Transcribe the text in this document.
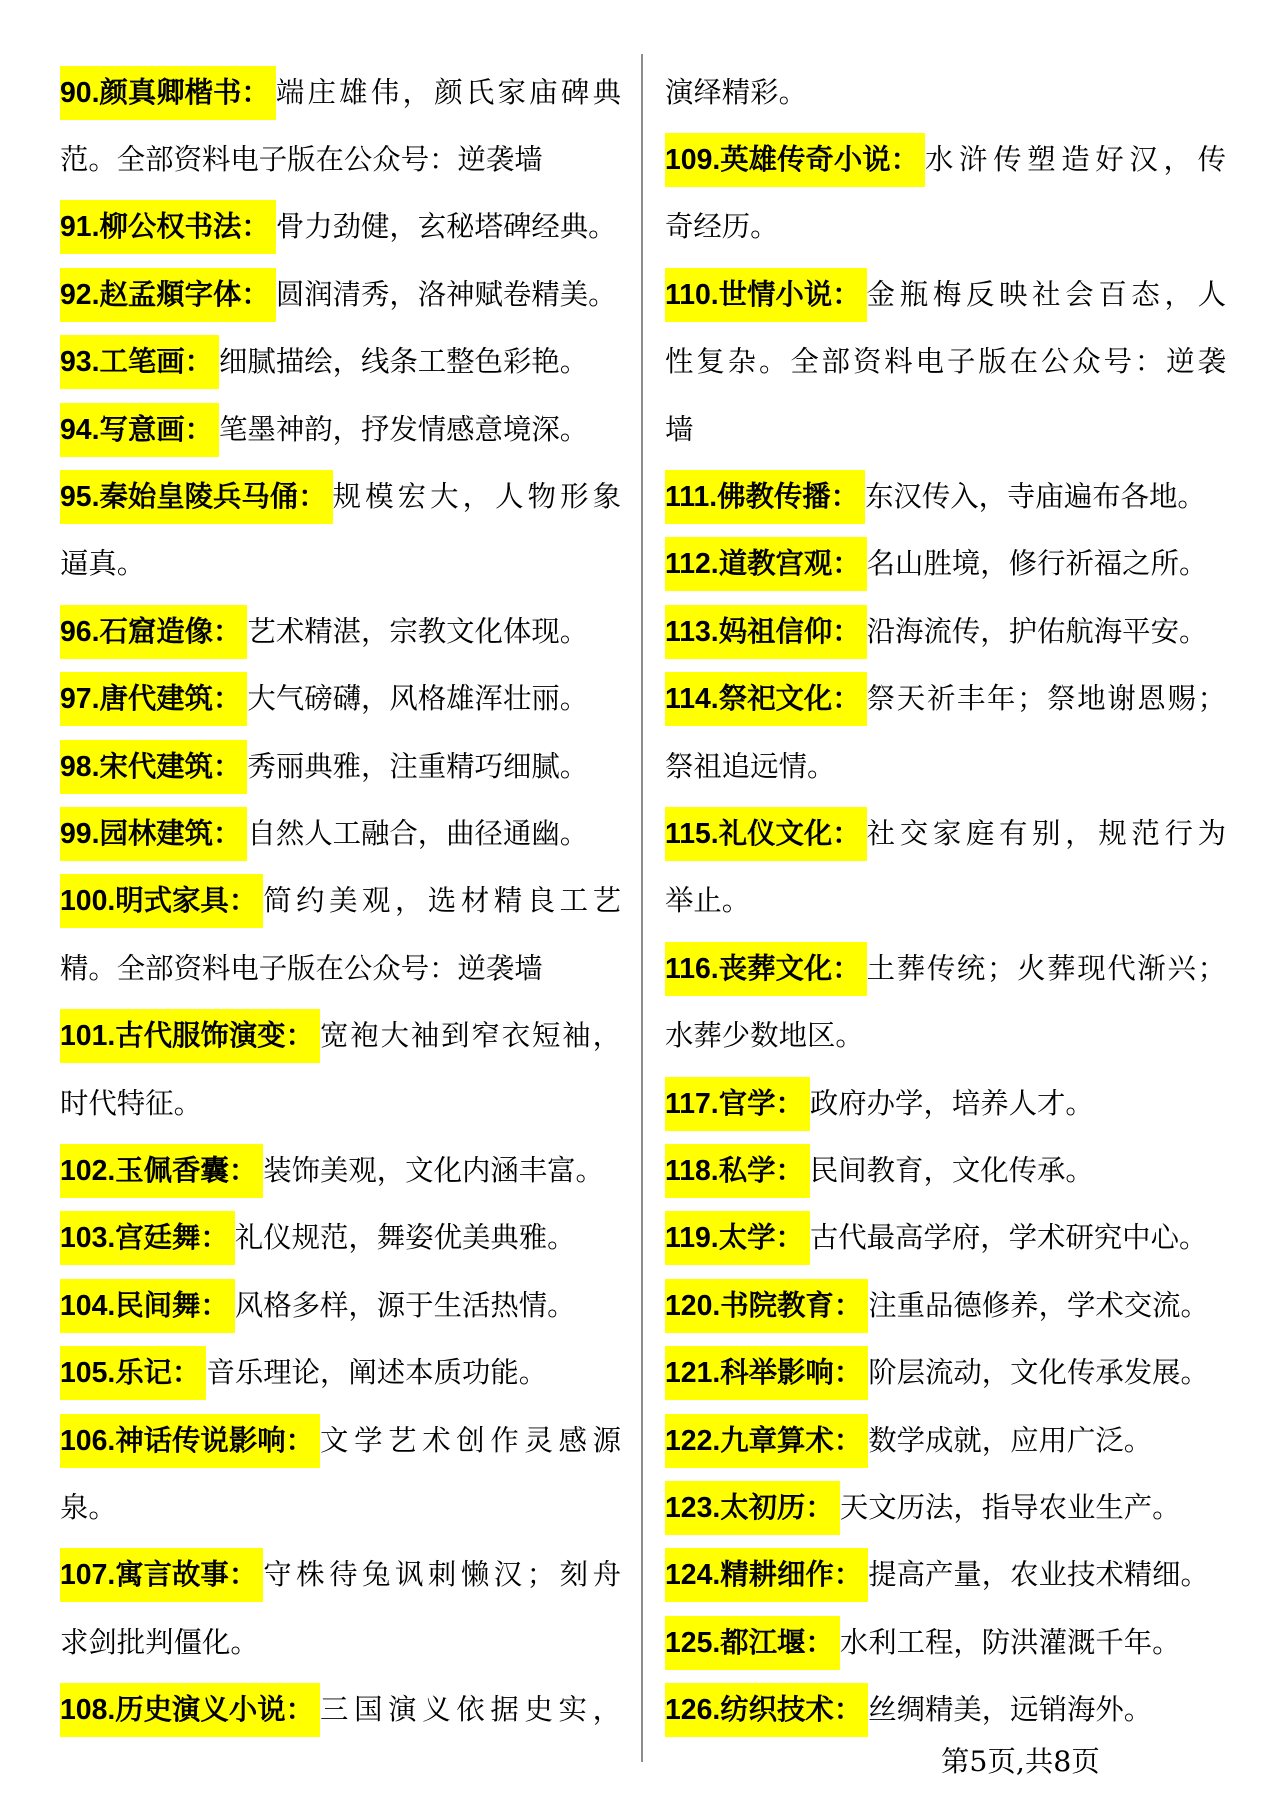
90.颜真卿楷书： 端庄雄伟，颜氏家庙碑典
范。全部资料电子版在公众号：逆袭墙
91.柳公权书法： 骨力劲健，玄秘塔碑经典。
92.赵孟頫字体： 圆润清秀，洛神赋卷精美。
93.工笔画： 细腻描绘，线条工整色彩艳。
94.写意画： 笔墨神韵，抒发情感意境深。
95.秦始皇陵兵马俑： 规模宏大，人物形象
逼真。
96.石窟造像： 艺术精湛，宗教文化体现。
97.唐代建筑： 大气磅礴，风格雄浑壮丽。
98.宋代建筑： 秀丽典雅，注重精巧细腻。
99.园林建筑： 自然人工融合，曲径通幽。
100.明式家具： 简约美观，选材精良工艺
精。全部资料电子版在公众号：逆袭墙
101.古代服饰演变： 宽袍大袖到窄衣短袖，
时代特征。
102.玉佩香囊： 装饰美观，文化内涵丰富。
103.宫廷舞： 礼仪规范，舞姿优美典雅。
104.民间舞： 风格多样，源于生活热情。
105.乐记： 音乐理论，阐述本质功能。
106.神话传说影响： 文学艺术创作灵感源
泉。
107.寓言故事： 守株待兔讽刺懒汉；刻舟
求剑批判僵化。
108.历史演义小说： 三国演义依据史实，
演绎精彩。
109.英雄传奇小说： 水浒传塑造好汉，传
奇经历。
110.世情小说： 金瓶梅反映社会百态，人
性复杂。全部资料电子版在公众号：逆袭
墙
111.佛教传播： 东汉传入，寺庙遍布各地。
112.道教宫观： 名山胜境，修行祈福之所。
113.妈祖信仰： 沿海流传，护佑航海平安。
114.祭祀文化： 祭天祈丰年；祭地谢恩赐；
祭祖追远情。
115.礼仪文化： 社交家庭有别，规范行为
举止。
116.丧葬文化： 土葬传统；火葬现代渐兴；
水葬少数地区。
117.官学： 政府办学，培养人才。
118.私学： 民间教育，文化传承。
119.太学： 古代最高学府，学术研究中心。
120.书院教育： 注重品德修养，学术交流。
121.科举影响： 阶层流动，文化传承发展。
122.九章算术： 数学成就，应用广泛。
123.太初历： 天文历法，指导农业生产。
124.精耕细作： 提高产量，农业技术精细。
125.都江堰： 水利工程，防洪灌溉千年。
126.纺织技术： 丝绸精美，远销海外。
第5页,共8页
